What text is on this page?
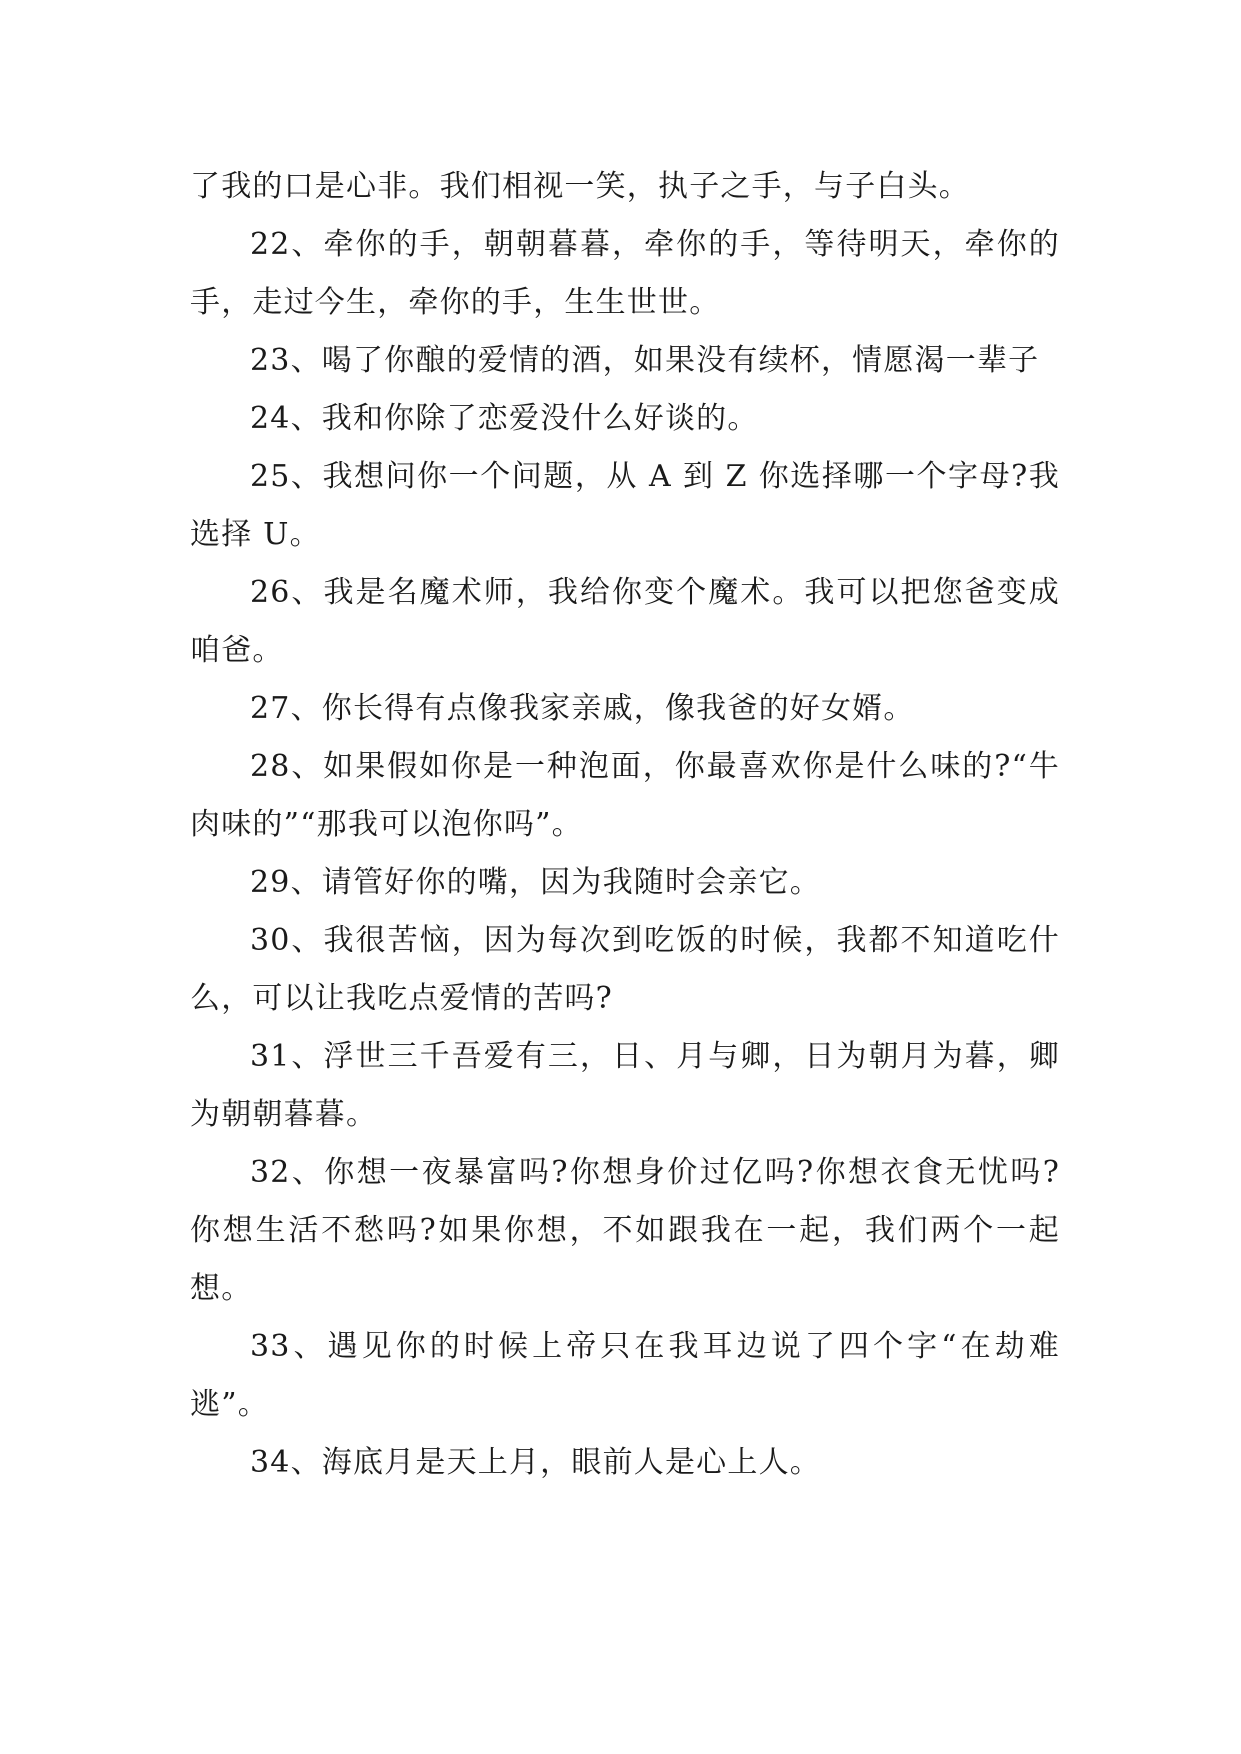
了我的口是心非。我们相视一笑，执子之手，与子白头。

22、牵你的手，朝朝暮暮，牵你的手，等待明天，牵你的手，走过今生，牵你的手，生生世世。

23、喝了你酿的爱情的酒，如果没有续杯，情愿渴一辈子

24、我和你除了恋爱没什么好谈的。

25、我想问你一个问题，从 A 到 Z 你选择哪一个字母?我选择 U。

26、我是名魔术师，我给你变个魔术。我可以把您爸变成咱爸。

27、你长得有点像我家亲戚，像我爸的好女婿。

28、如果假如你是一种泡面，你最喜欢你是什么味的?“牛肉味的”“那我可以泡你吗”。

29、请管好你的嘴，因为我随时会亲它。

30、我很苦恼，因为每次到吃饭的时候，我都不知道吃什么，可以让我吃点爱情的苦吗?

31、浮世三千吾爱有三，日、月与卿，日为朝月为暮，卿为朝朝暮暮。

32、你想一夜暴富吗?你想身价过亿吗?你想衣食无忧吗?你想生活不愁吗?如果你想，不如跟我在一起，我们两个一起想。

33、遇见你的时候上帝只在我耳边说了四个字“在劫难逃”。

34、海底月是天上月，眼前人是心上人。
